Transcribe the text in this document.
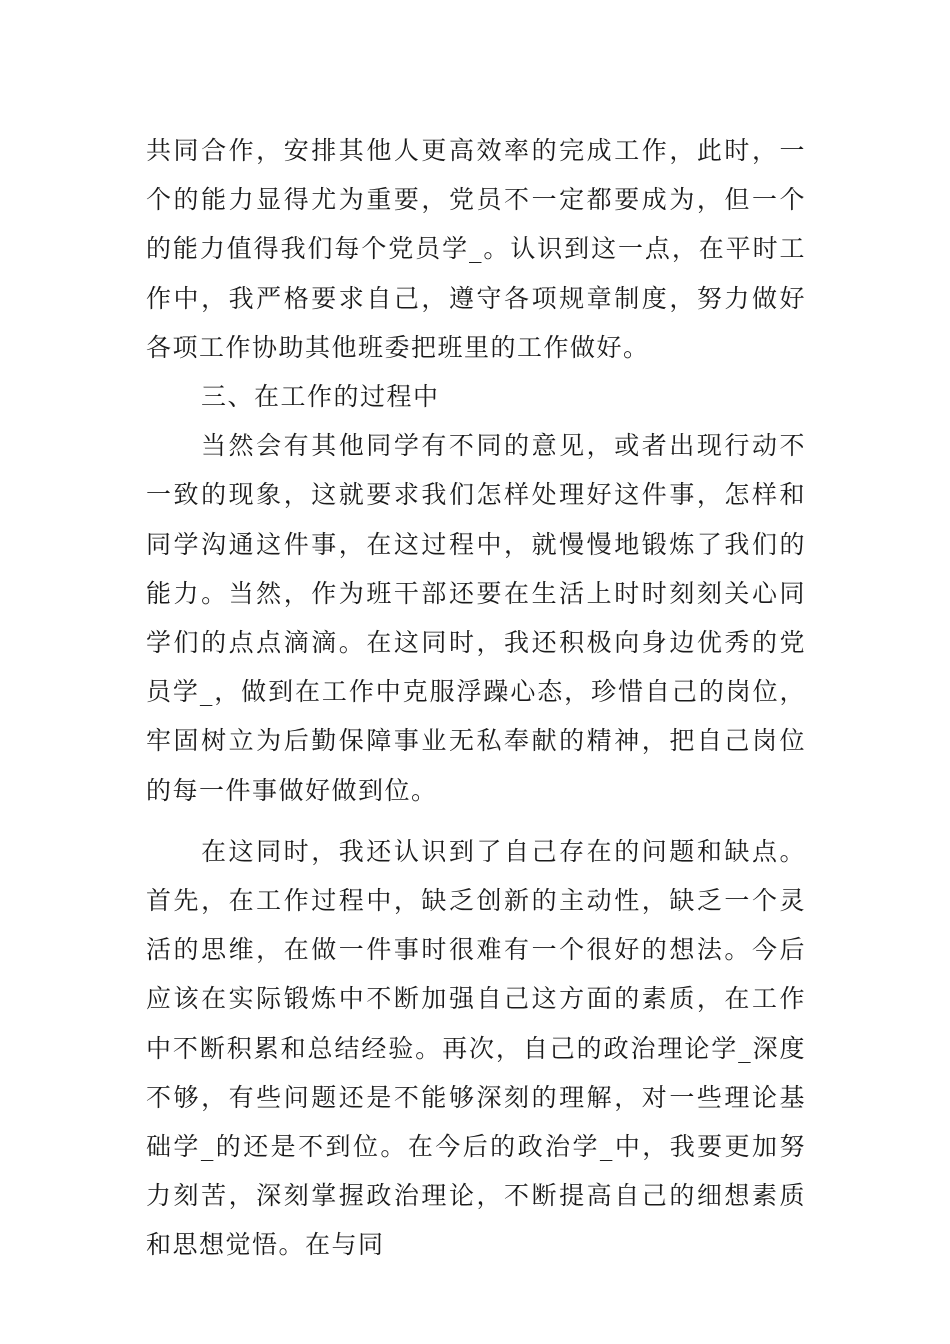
共同合作，安排其他人更高效率的完成工作，此时，一个的能力显得尤为重要，党员不一定都要成为，但一个的能力值得我们每个党员学_。认识到这一点，在平时工作中，我严格要求自己，遵守各项规章制度，努力做好各项工作协助其他班委把班里的工作做好。

三、在工作的过程中

当然会有其他同学有不同的意见，或者出现行动不一致的现象，这就要求我们怎样处理好这件事，怎样和同学沟通这件事，在这过程中，就慢慢地锻炼了我们的能力。当然，作为班干部还要在生活上时时刻刻关心同学们的点点滴滴。在这同时，我还积极向身边优秀的党员学_，做到在工作中克服浮躁心态，珍惜自己的岗位，牢固树立为后勤保障事业无私奉献的精神，把自己岗位的每一件事做好做到位。

在这同时，我还认识到了自己存在的问题和缺点。首先，在工作过程中，缺乏创新的主动性，缺乏一个灵活的思维，在做一件事时很难有一个很好的想法。今后应该在实际锻炼中不断加强自己这方面的素质，在工作中不断积累和总结经验。再次，自己的政治理论学_深度不够，有些问题还是不能够深刻的理解，对一些理论基础学_的还是不到位。在今后的政治学_中，我要更加努力刻苦，深刻掌握政治理论，不断提高自己的细想素质和思想觉悟。在与同
